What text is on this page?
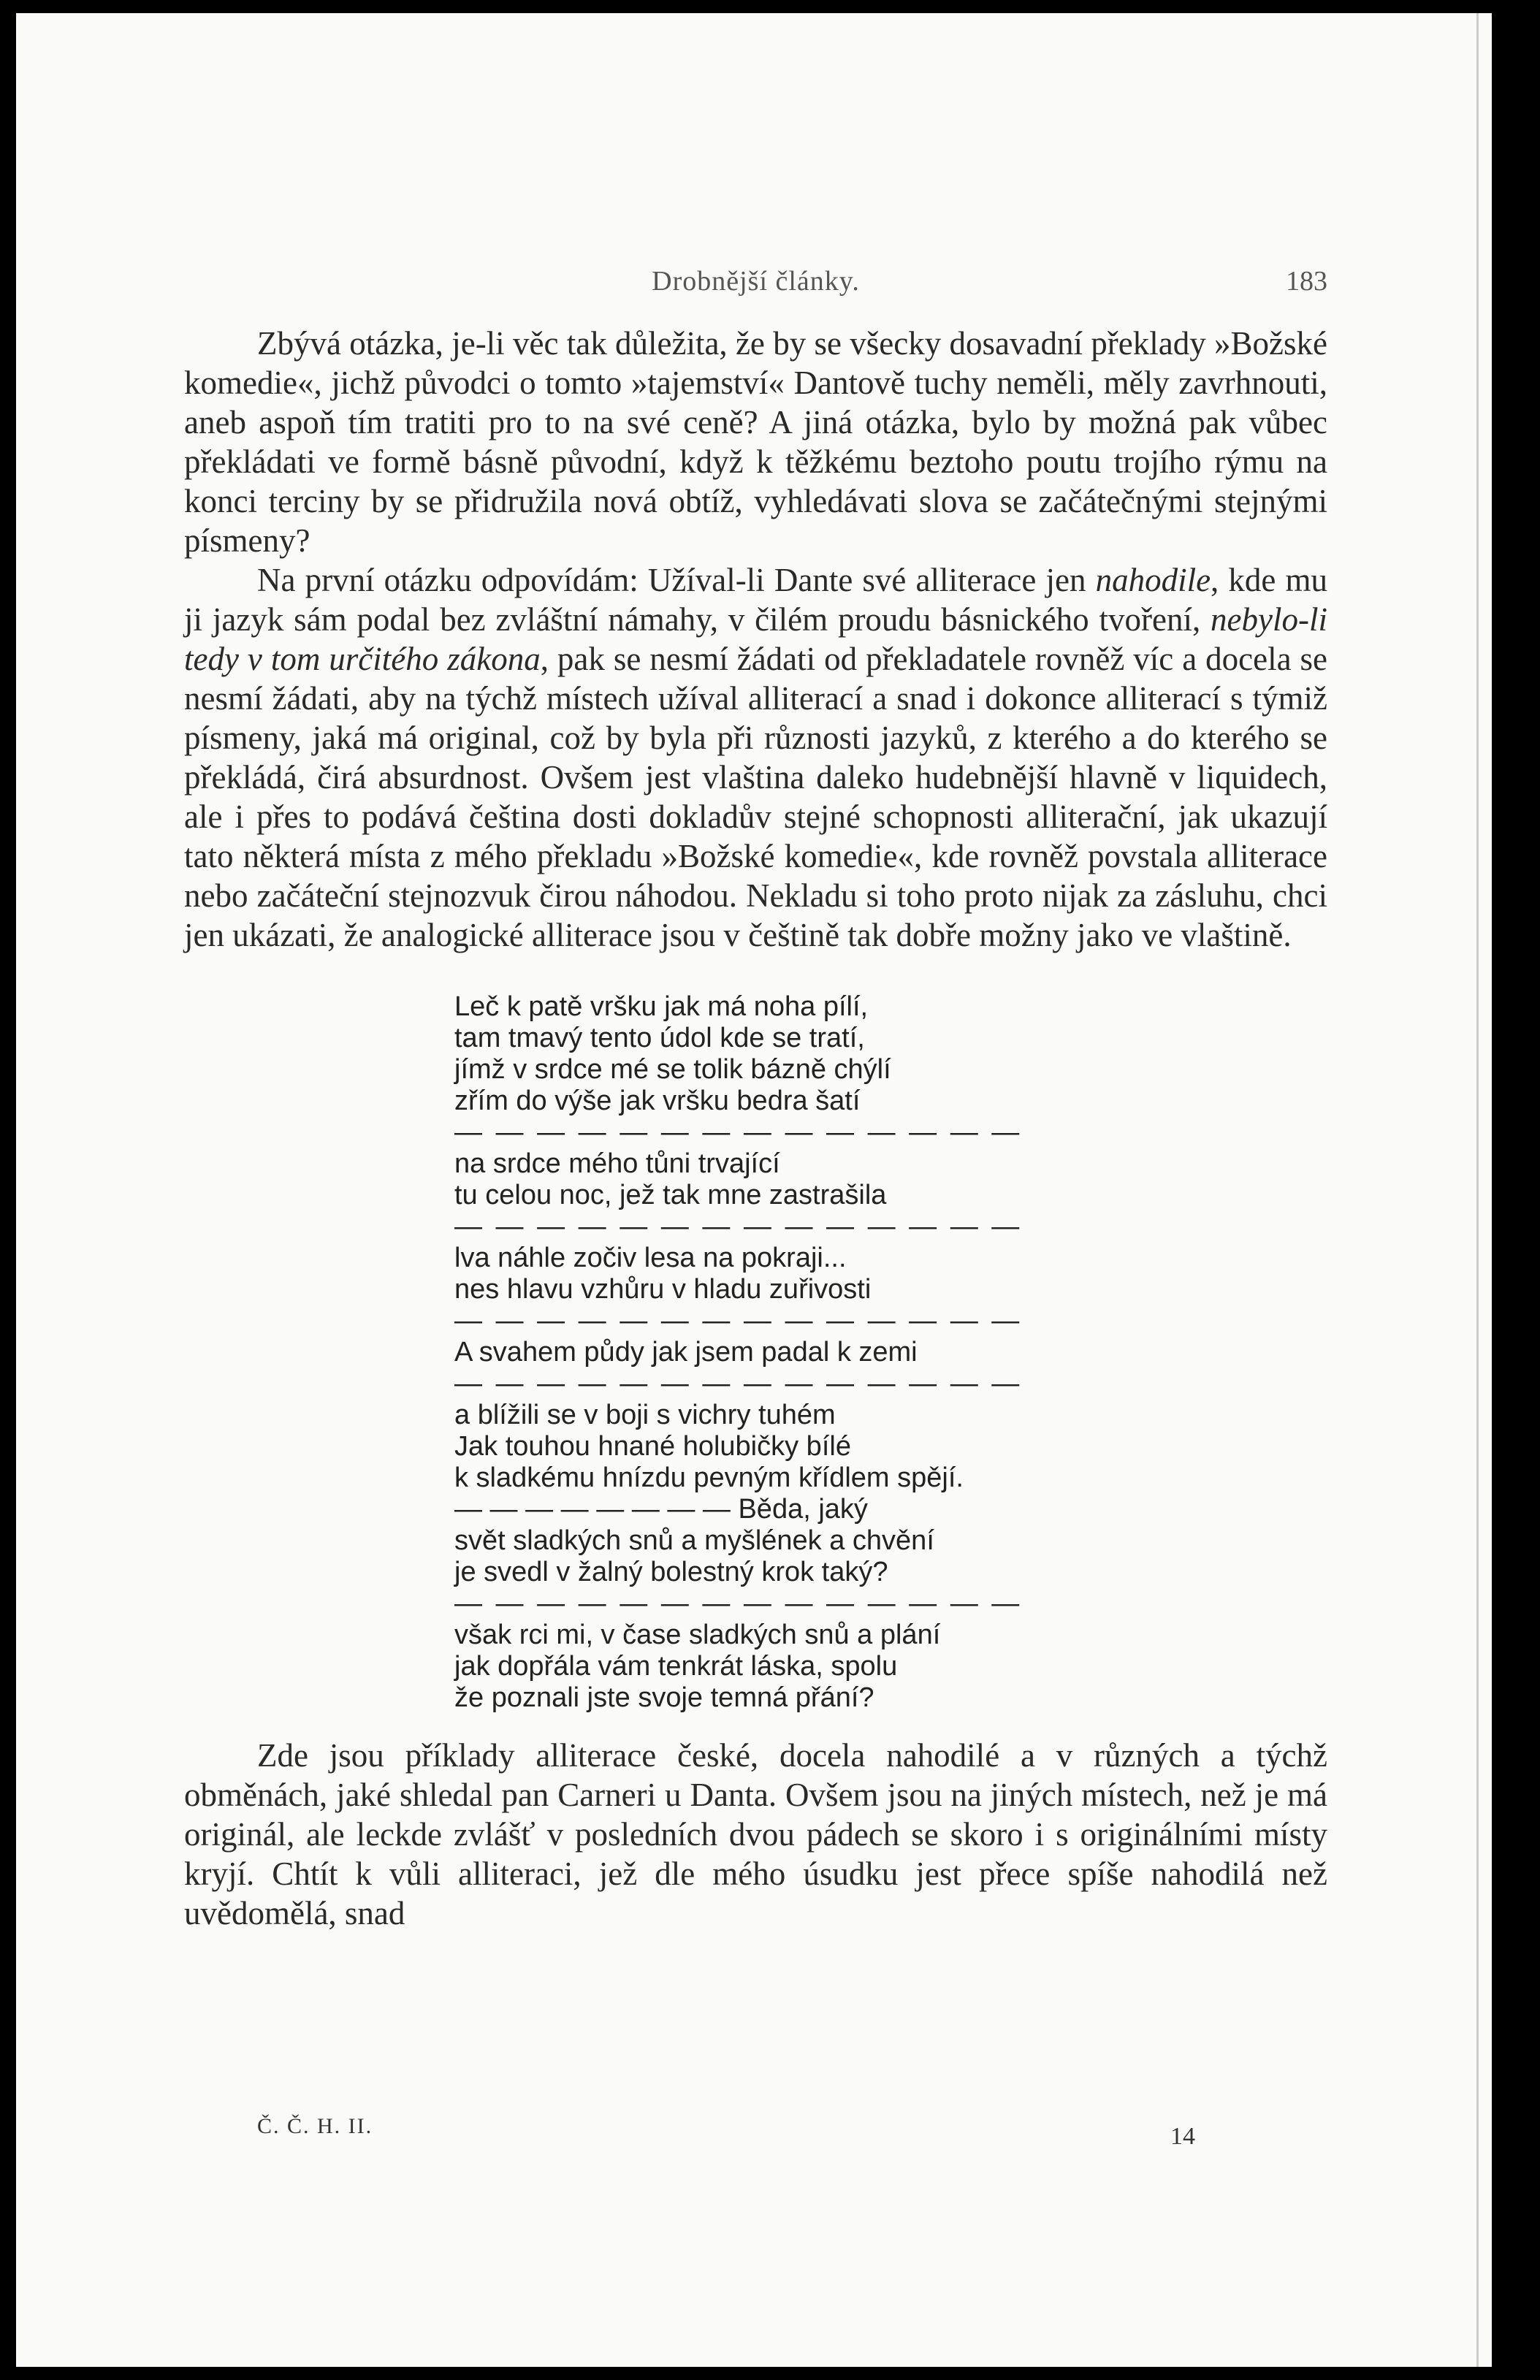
Drobnější články.	183

Zbývá otázka, je-li věc tak důležita, že by se všecky dosavadní překlady »Božské komedie«, jichž původci o tomto »tajemství« Dantově tuchy neměli, měly zavrhnouti, aneb aspoň tím tratiti pro to na své ceně? A jiná otázka, bylo by možná pak vůbec překládati ve formě básně původní, když k těžkému beztoho poutu trojího rýmu na konci terciny by se přidružila nová obtíž, vyhledávati slova se začátečnými stejnými písmeny?

Na první otázku odpovídám: Užíval-li Dante své alliterace jen nahodile, kde mu ji jazyk sám podal bez zvláštní námahy, v čilém proudu básnického tvoření, nebylo-li tedy v tom určitého zákona, pak se nesmí žádati od překladatele rovněž víc a docela se nesmí žádati, aby na týchž místech užíval alliterací a snad i dokonce alliterací s týmiž písmeny, jaká má original, což by byla při různosti jazyků, z kterého a do kterého se překládá, čirá absurdnost. Ovšem jest vlaština daleko hudebnější hlavně v liquidech, ale i přes to podává čeština dosti dokladův stejné schopnosti alliterační, jak ukazují tato některá místa z mého překladu »Božské komedie«, kde rovněž povstala alliterace nebo začáteční stejnozvuk čirou náhodou. Nekladu si toho proto nijak za zásluhu, chci jen ukázati, že analogické alliterace jsou v češtině tak dobře možny jako ve vlaštině.

Leč k patě vršku jak má noha pílí,
tam tmavý tento údol kde se tratí,
jímž v srdce mé se tolik bázně chýlí
zřím do výše jak vršku bedra šatí
— — — — — — — — — — — — — —
na srdce mého tůni trvající
tu celou noc, jež tak mne zastrašila
— — — — — — — — — — — — — —
lva náhle zočiv lesa na pokraji...
nes hlavu vzhůru v hladu zuřivosti
— — — — — — — — — — — — — —
A svahem půdy jak jsem padal k zemi
— — — — — — — — — — — — — —
a blížili se v boji s vichry tuhém
Jak touhou hnané holubičky bílé
k sladkému hnízdu pevným křídlem spějí.
— — — — — — — — Běda, jaký
svět sladkých snů a myšlének a chvění
je svedl v žalný bolestný krok taký?
— — — — — — — — — — — — — —
však rci mi, v čase sladkých snů a plání
jak dopřála vám tenkrát láska, spolu
že poznali jste svoje temná přání?

Zde jsou příklady alliterace české, docela nahodilé a v různých a týchž obměnách, jaké shledal pan Carneri u Danta. Ovšem jsou na jiných místech, než je má originál, ale leckde zvlášť v posledních dvou pádech se skoro i s originálními místy kryjí. Chtít k vůli alliteraci, jež dle mého úsudku jest přece spíše nahodilá než uvědomělá, snad

Č. Č. H. II.	14
